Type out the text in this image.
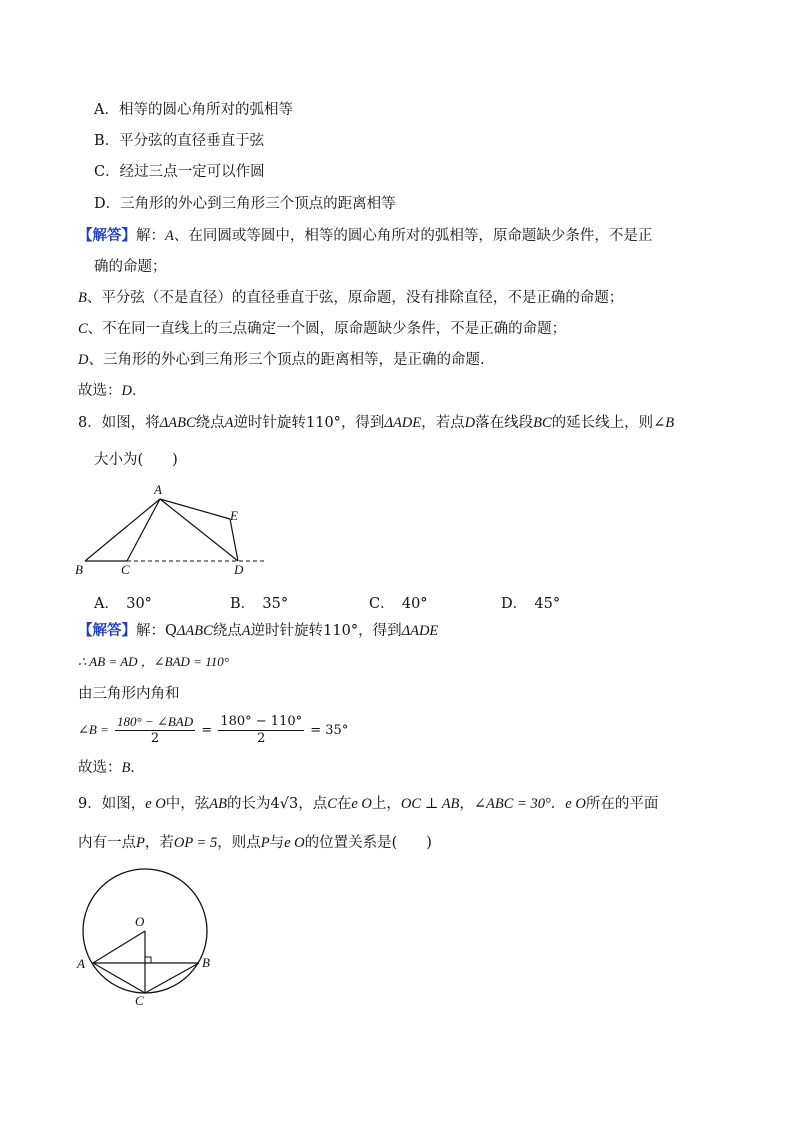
A．相等的圆心角所对的弧相等
B．平分弦的直径垂直于弦
C．经过三点一定可以作圆
D．三角形的外心到三角形三个顶点的距离相等
【解答】解：A、在同圆或等圆中，相等的圆心角所对的弧相等，原命题缺少条件，不是正
确的命题；
B、平分弦（不是直径）的直径垂直于弦，原命题，没有排除直径，不是正确的命题；
C、不在同一直线上的三点确定一个圆，原命题缺少条件，不是正确的命题；
D、三角形的外心到三角形三个顶点的距离相等，是正确的命题.
故选：D．
8．如图，将ΔABC绕点A逆时针旋转110°，得到ΔADE，若点D落在线段BC的延长线上，则∠B
大小为(　　)
A
B	C	D
E
A．　30°	B．　35°	C．　40°	D．　45°
【解答】解：QΔABC绕点A逆时针旋转110°，得到ΔADE
∴ AB = AD ，∠BAD = 110°
由三角形内角和
∠B = $\frac{\text{180° − ∠BAD}}{2} = \frac{180^\circ - 110^\circ}{2} = 35^\circ$
故选：B．
9．如图，e O中，弦AB的长为4√3，点C在e O上，OC ⊥ AB，∠ABC = 30°．e O所在的平面
内有一点P，若OP = 5，则点P与e O的位置关系是(　　)
O
A	B
C
